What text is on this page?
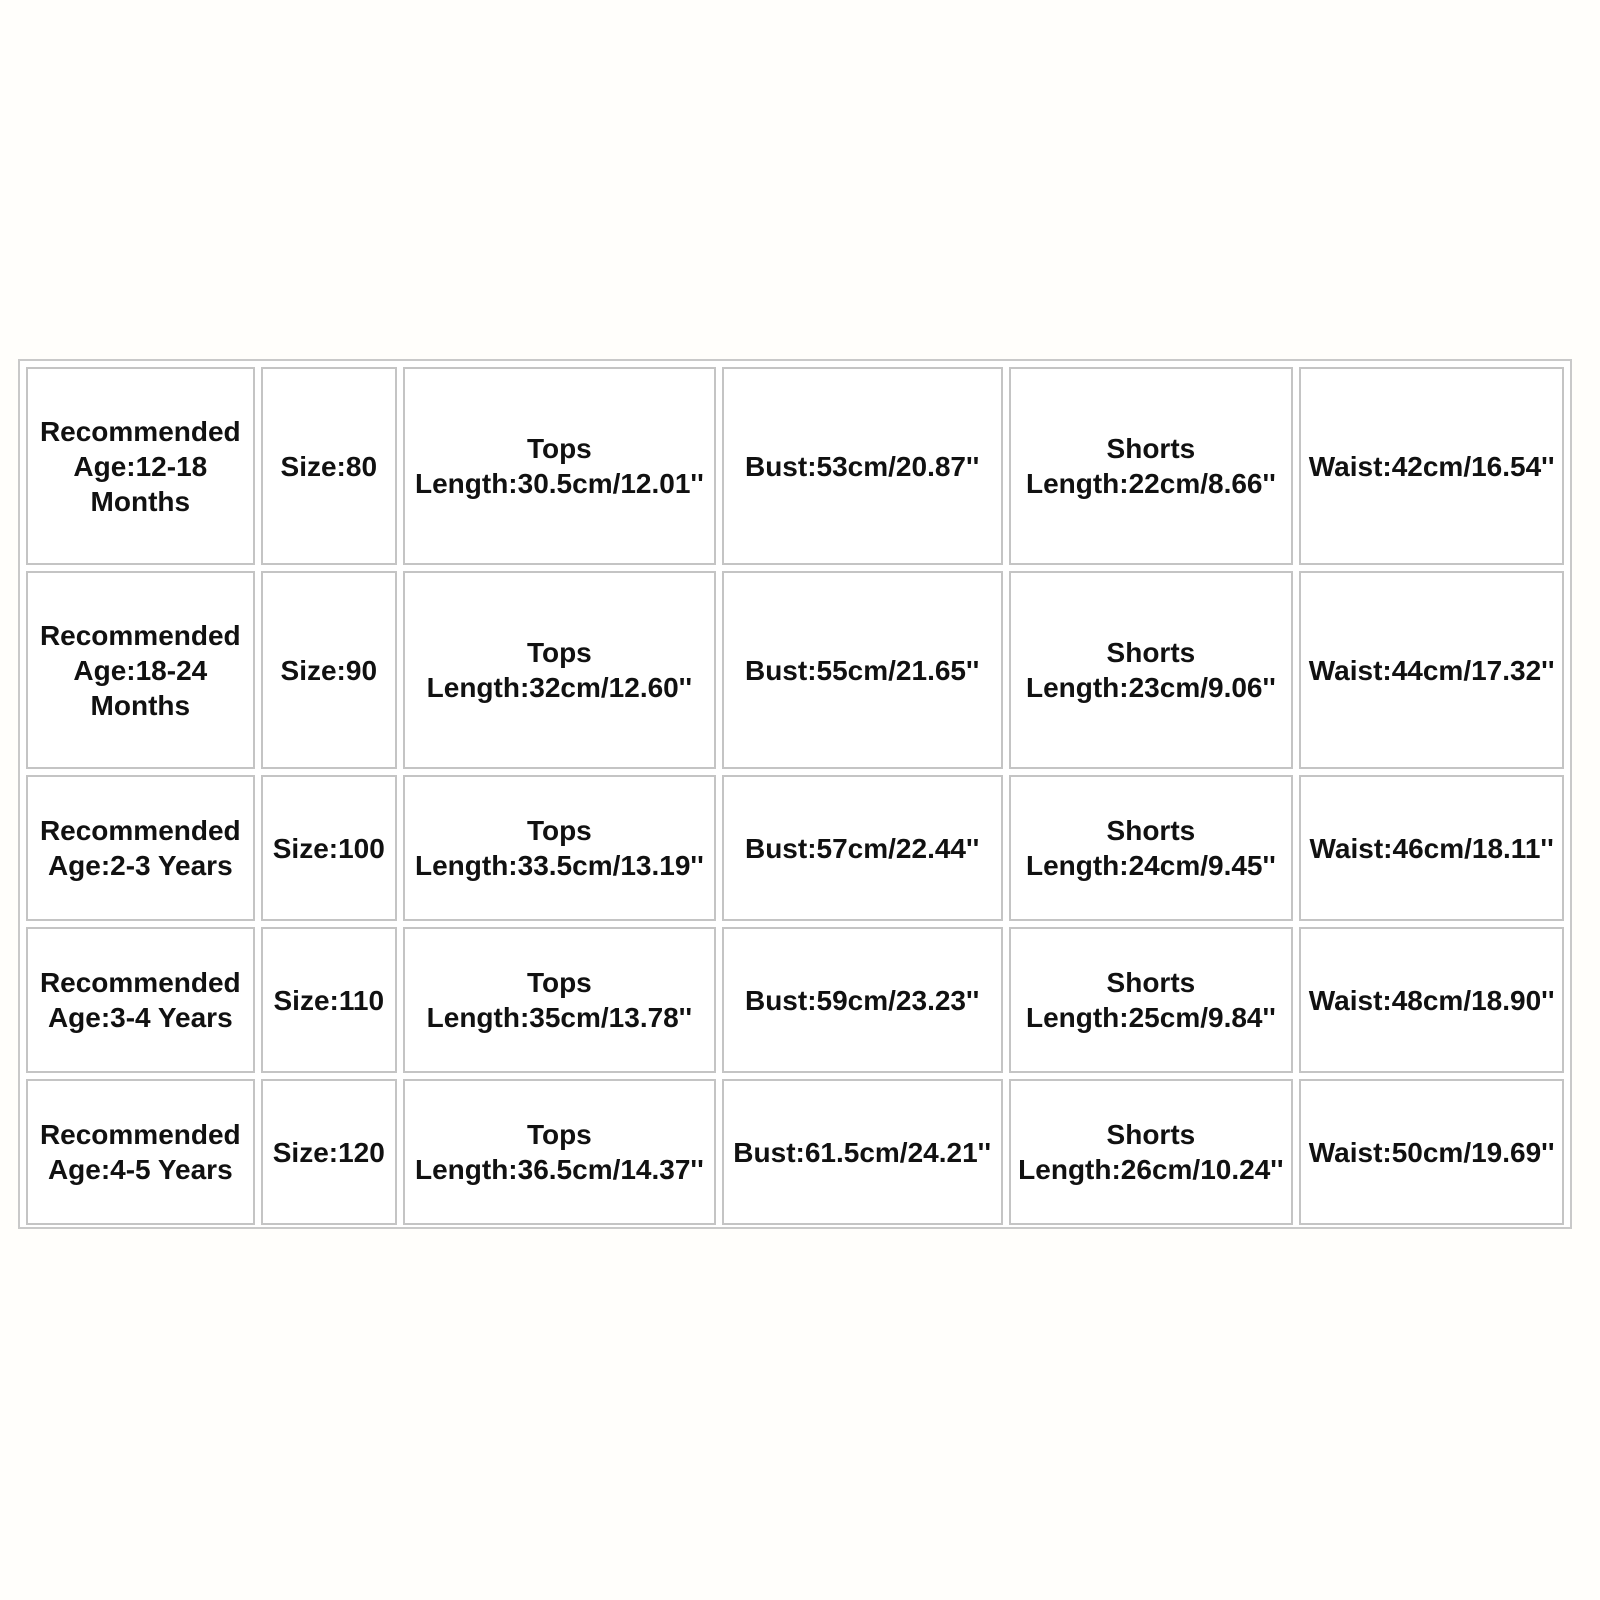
Recommended
Age:12-18
Months	Size:80	Tops
Length:30.5cm/12.01''	Bust:53cm/20.87''	Shorts
Length:22cm/8.66''	Waist:42cm/16.54''
Recommended
Age:18-24
Months	Size:90	Tops
Length:32cm/12.60''	Bust:55cm/21.65''	Shorts
Length:23cm/9.06''	Waist:44cm/17.32''
Recommended
Age:2-3 Years	Size:100	Tops
Length:33.5cm/13.19''	Bust:57cm/22.44''	Shorts
Length:24cm/9.45''	Waist:46cm/18.11''
Recommended
Age:3-4 Years	Size:110	Tops
Length:35cm/13.78''	Bust:59cm/23.23''	Shorts
Length:25cm/9.84''	Waist:48cm/18.90''
Recommended
Age:4-5 Years	Size:120	Tops
Length:36.5cm/14.37''	Bust:61.5cm/24.21''	Shorts
Length:26cm/10.24''	Waist:50cm/19.69''
